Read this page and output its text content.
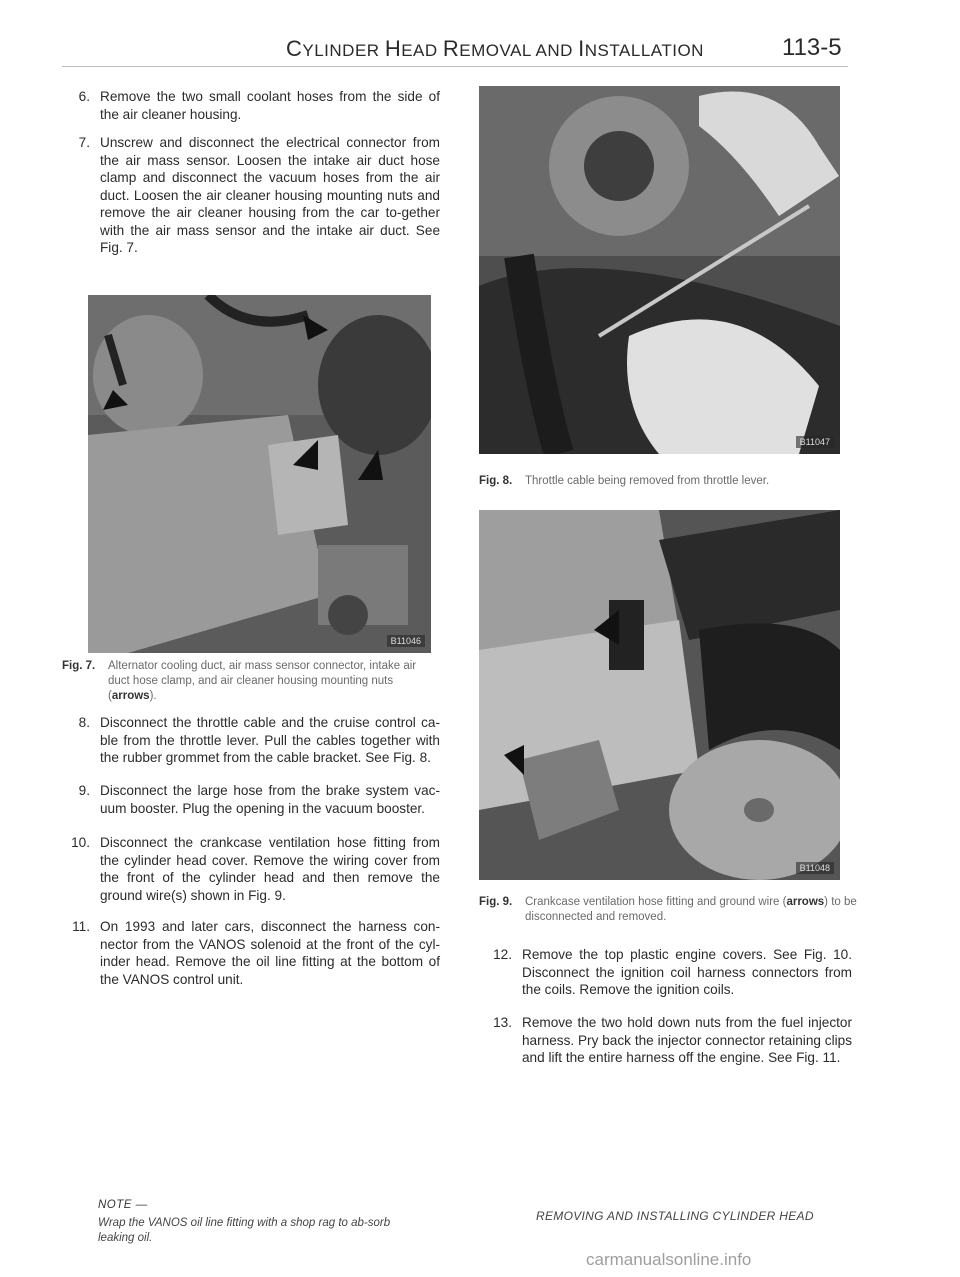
CYLINDER HEAD REMOVAL AND INSTALLATION	113-5
6. Remove the two small coolant hoses from the side of the air cleaner housing.
7. Unscrew and disconnect the electrical connector from the air mass sensor. Loosen the intake air duct hose clamp and disconnect the vacuum hoses from the air duct. Loosen the air cleaner housing mounting nuts and remove the air cleaner housing from the car to-gether with the air mass sensor and the intake air duct. See Fig. 7.
B11046
Fig. 7. Alternator cooling duct, air mass sensor connector, intake air duct hose clamp, and air cleaner housing mounting nuts (arrows).
8. Disconnect the throttle cable and the cruise control ca-ble from the throttle lever. Pull the cables together with the rubber grommet from the cable bracket. See Fig. 8.
9. Disconnect the large hose from the brake system vac-uum booster. Plug the opening in the vacuum booster.
10. Disconnect the crankcase ventilation hose fitting from the cylinder head cover. Remove the wiring cover from the front of the cylinder head and then remove the ground wire(s) shown in Fig. 9.
11. On 1993 and later cars, disconnect the harness con-nector from the VANOS solenoid at the front of the cyl-inder head. Remove the oil line fitting at the bottom of the VANOS control unit.
NOTE —
Wrap the VANOS oil line fitting with a shop rag to ab-sorb leaking oil.
B11047
Fig. 8. Throttle cable being removed from throttle lever.
B11048
Fig. 9. Crankcase ventilation hose fitting and ground wire (arrows) to be disconnected and removed.
12. Remove the top plastic engine covers. See Fig. 10. Disconnect the ignition coil harness connectors from the coils. Remove the ignition coils.
13. Remove the two hold down nuts from the fuel injector harness. Pry back the injector connector retaining clips and lift the entire harness off the engine. See Fig. 11.
REMOVING AND INSTALLING CYLINDER HEAD
carmanualsonline.info
